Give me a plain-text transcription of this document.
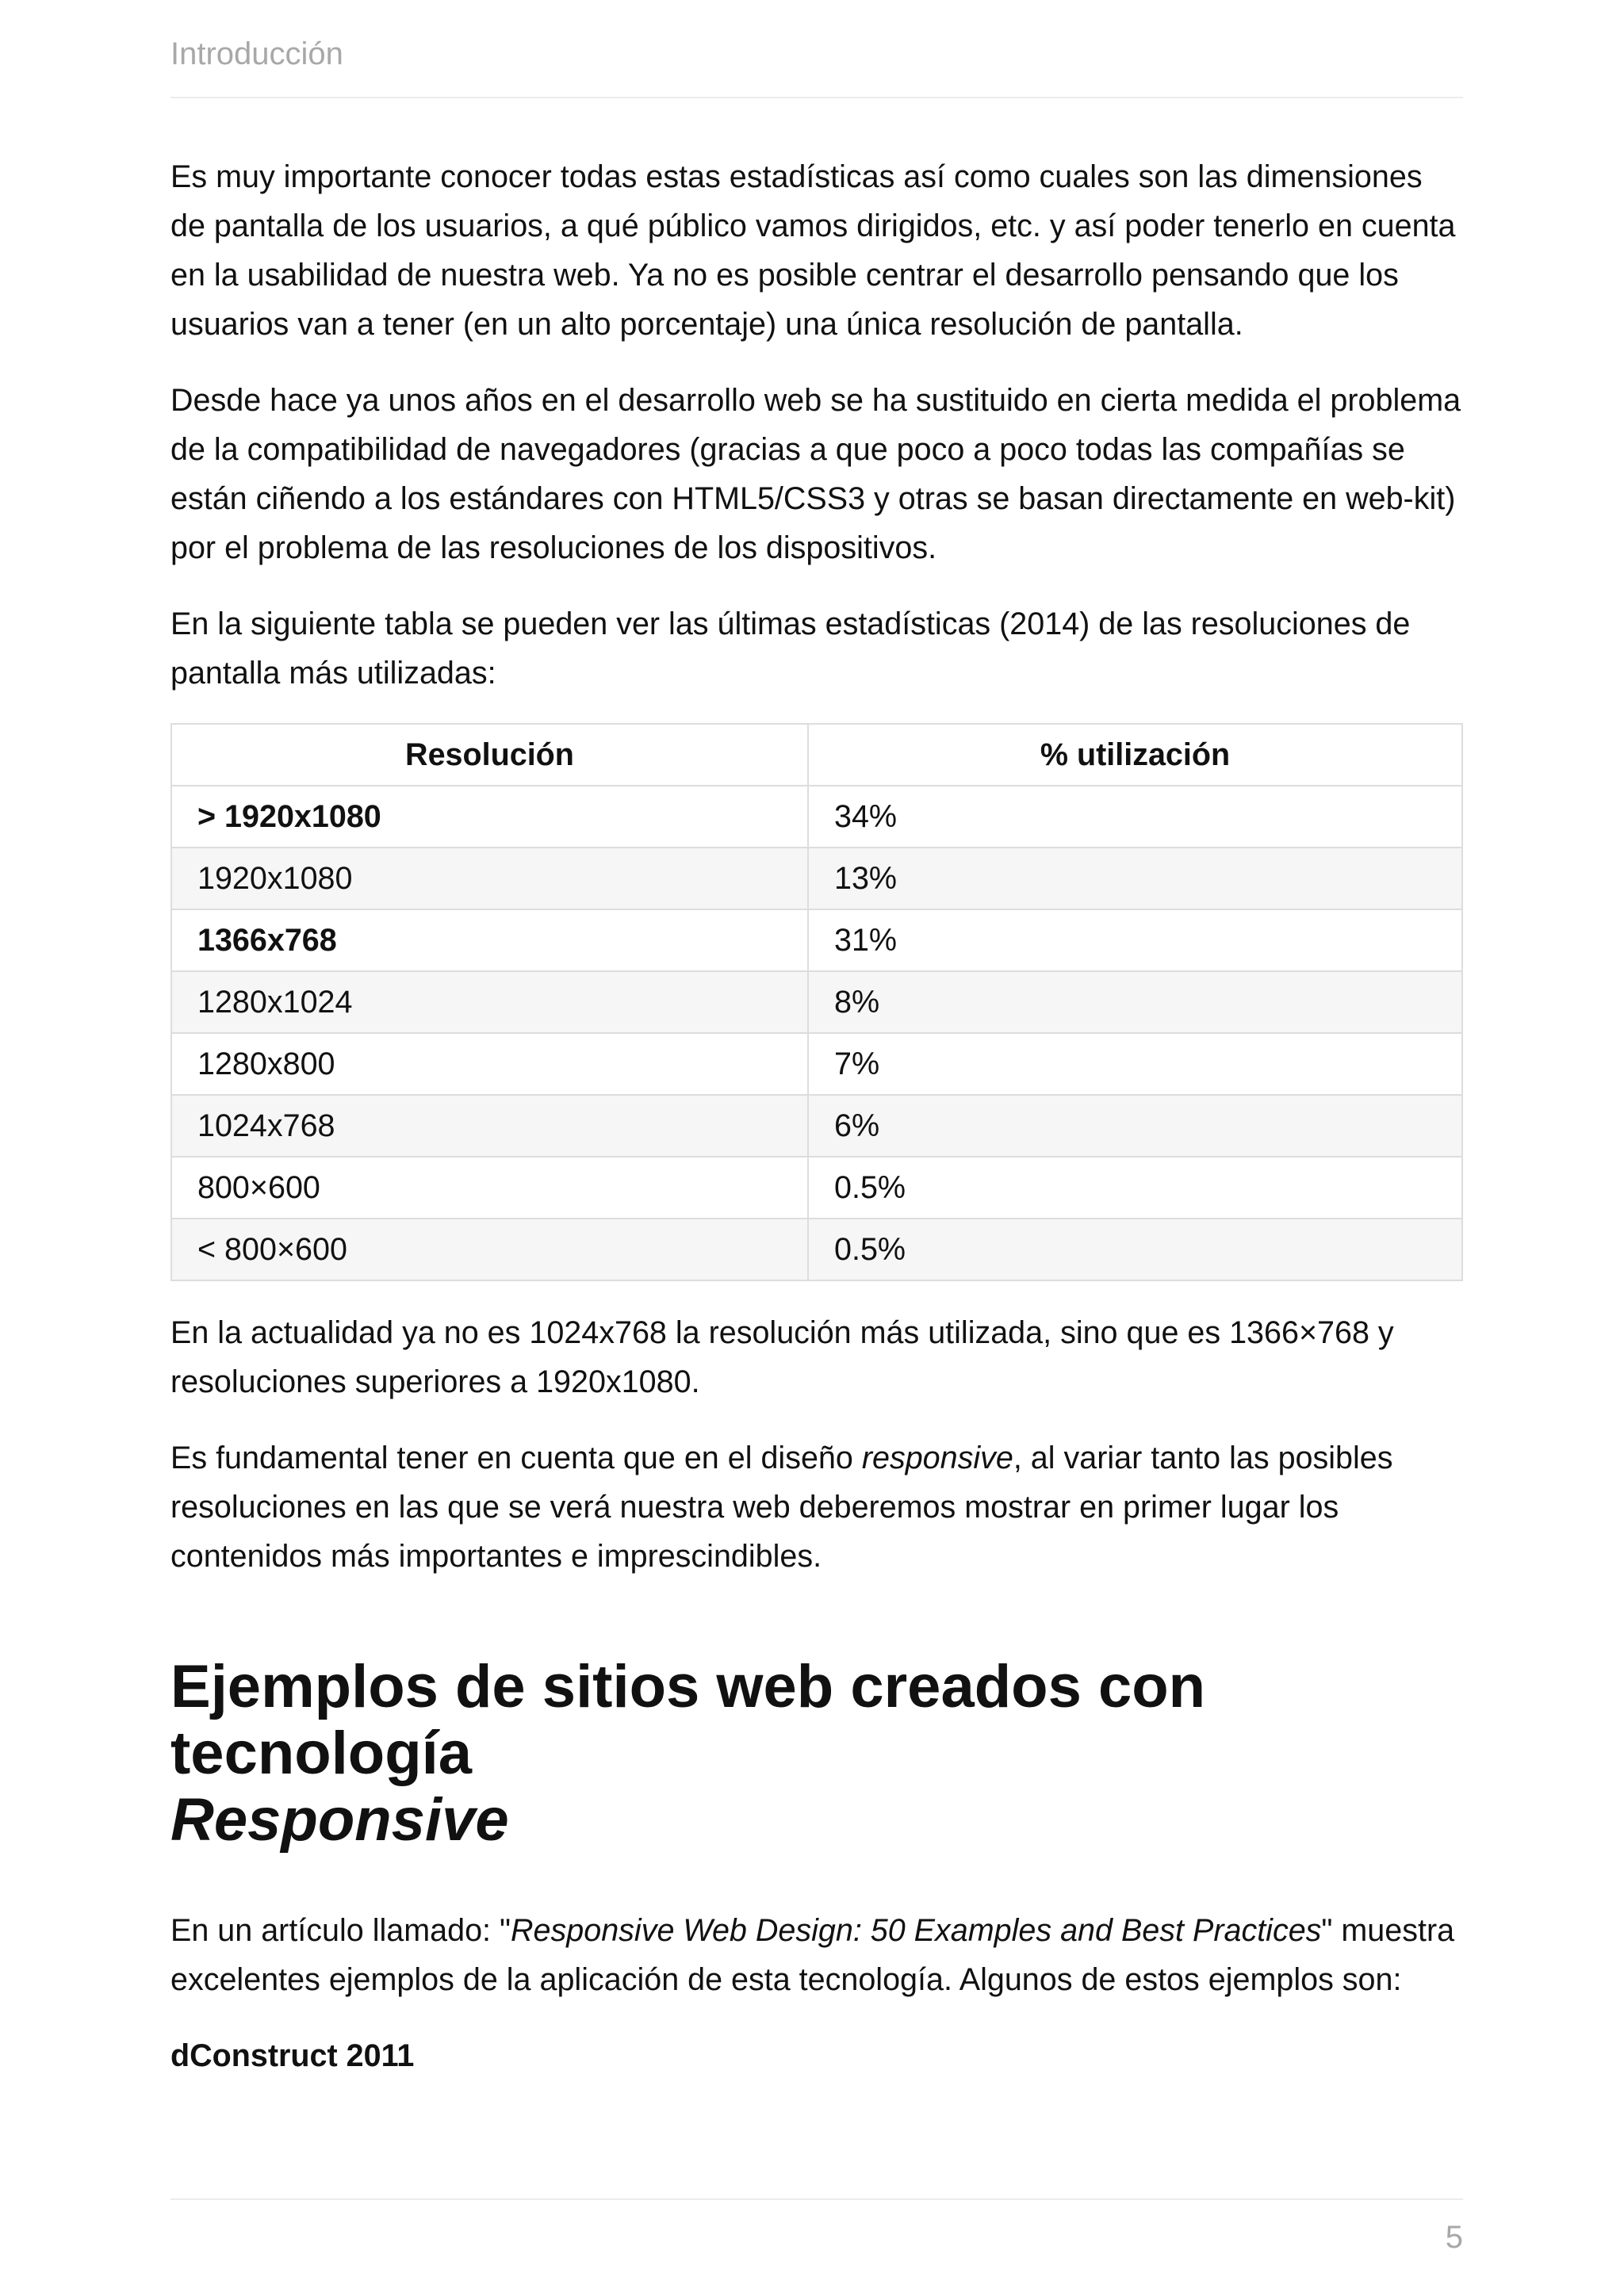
Introducción

Es muy importante conocer todas estas estadísticas así como cuales son las dimensiones de pantalla de los usuarios, a qué público vamos dirigidos, etc. y así poder tenerlo en cuenta en la usabilidad de nuestra web. Ya no es posible centrar el desarrollo pensando que los usuarios van a tener (en un alto porcentaje) una única resolución de pantalla.

Desde hace ya unos años en el desarrollo web se ha sustituido en cierta medida el problema de la compatibilidad de navegadores (gracias a que poco a poco todas las compañías se están ciñendo a los estándares con HTML5/CSS3 y otras se basan directamente en web-kit) por el problema de las resoluciones de los dispositivos.

En la siguiente tabla se pueden ver las últimas estadísticas (2014) de las resoluciones de pantalla más utilizadas:

Resolución	% utilización
> 1920x1080	34%
1920x1080	13%
1366x768	31%
1280x1024	8%
1280x800	7%
1024x768	6%
800×600	0.5%
< 800×600	0.5%

En la actualidad ya no es 1024x768 la resolución más utilizada, sino que es 1366×768 y resoluciones superiores a 1920x1080.

Es fundamental tener en cuenta que en el diseño responsive, al variar tanto las posibles resoluciones en las que se verá nuestra web deberemos mostrar en primer lugar los contenidos más importantes e imprescindibles.

Ejemplos de sitios web creados con tecnología
Responsive

En un artículo llamado: "Responsive Web Design: 50 Examples and Best Practices" muestra excelentes ejemplos de la aplicación de esta tecnología. Algunos de estos ejemplos son:

dConstruct 2011
5
